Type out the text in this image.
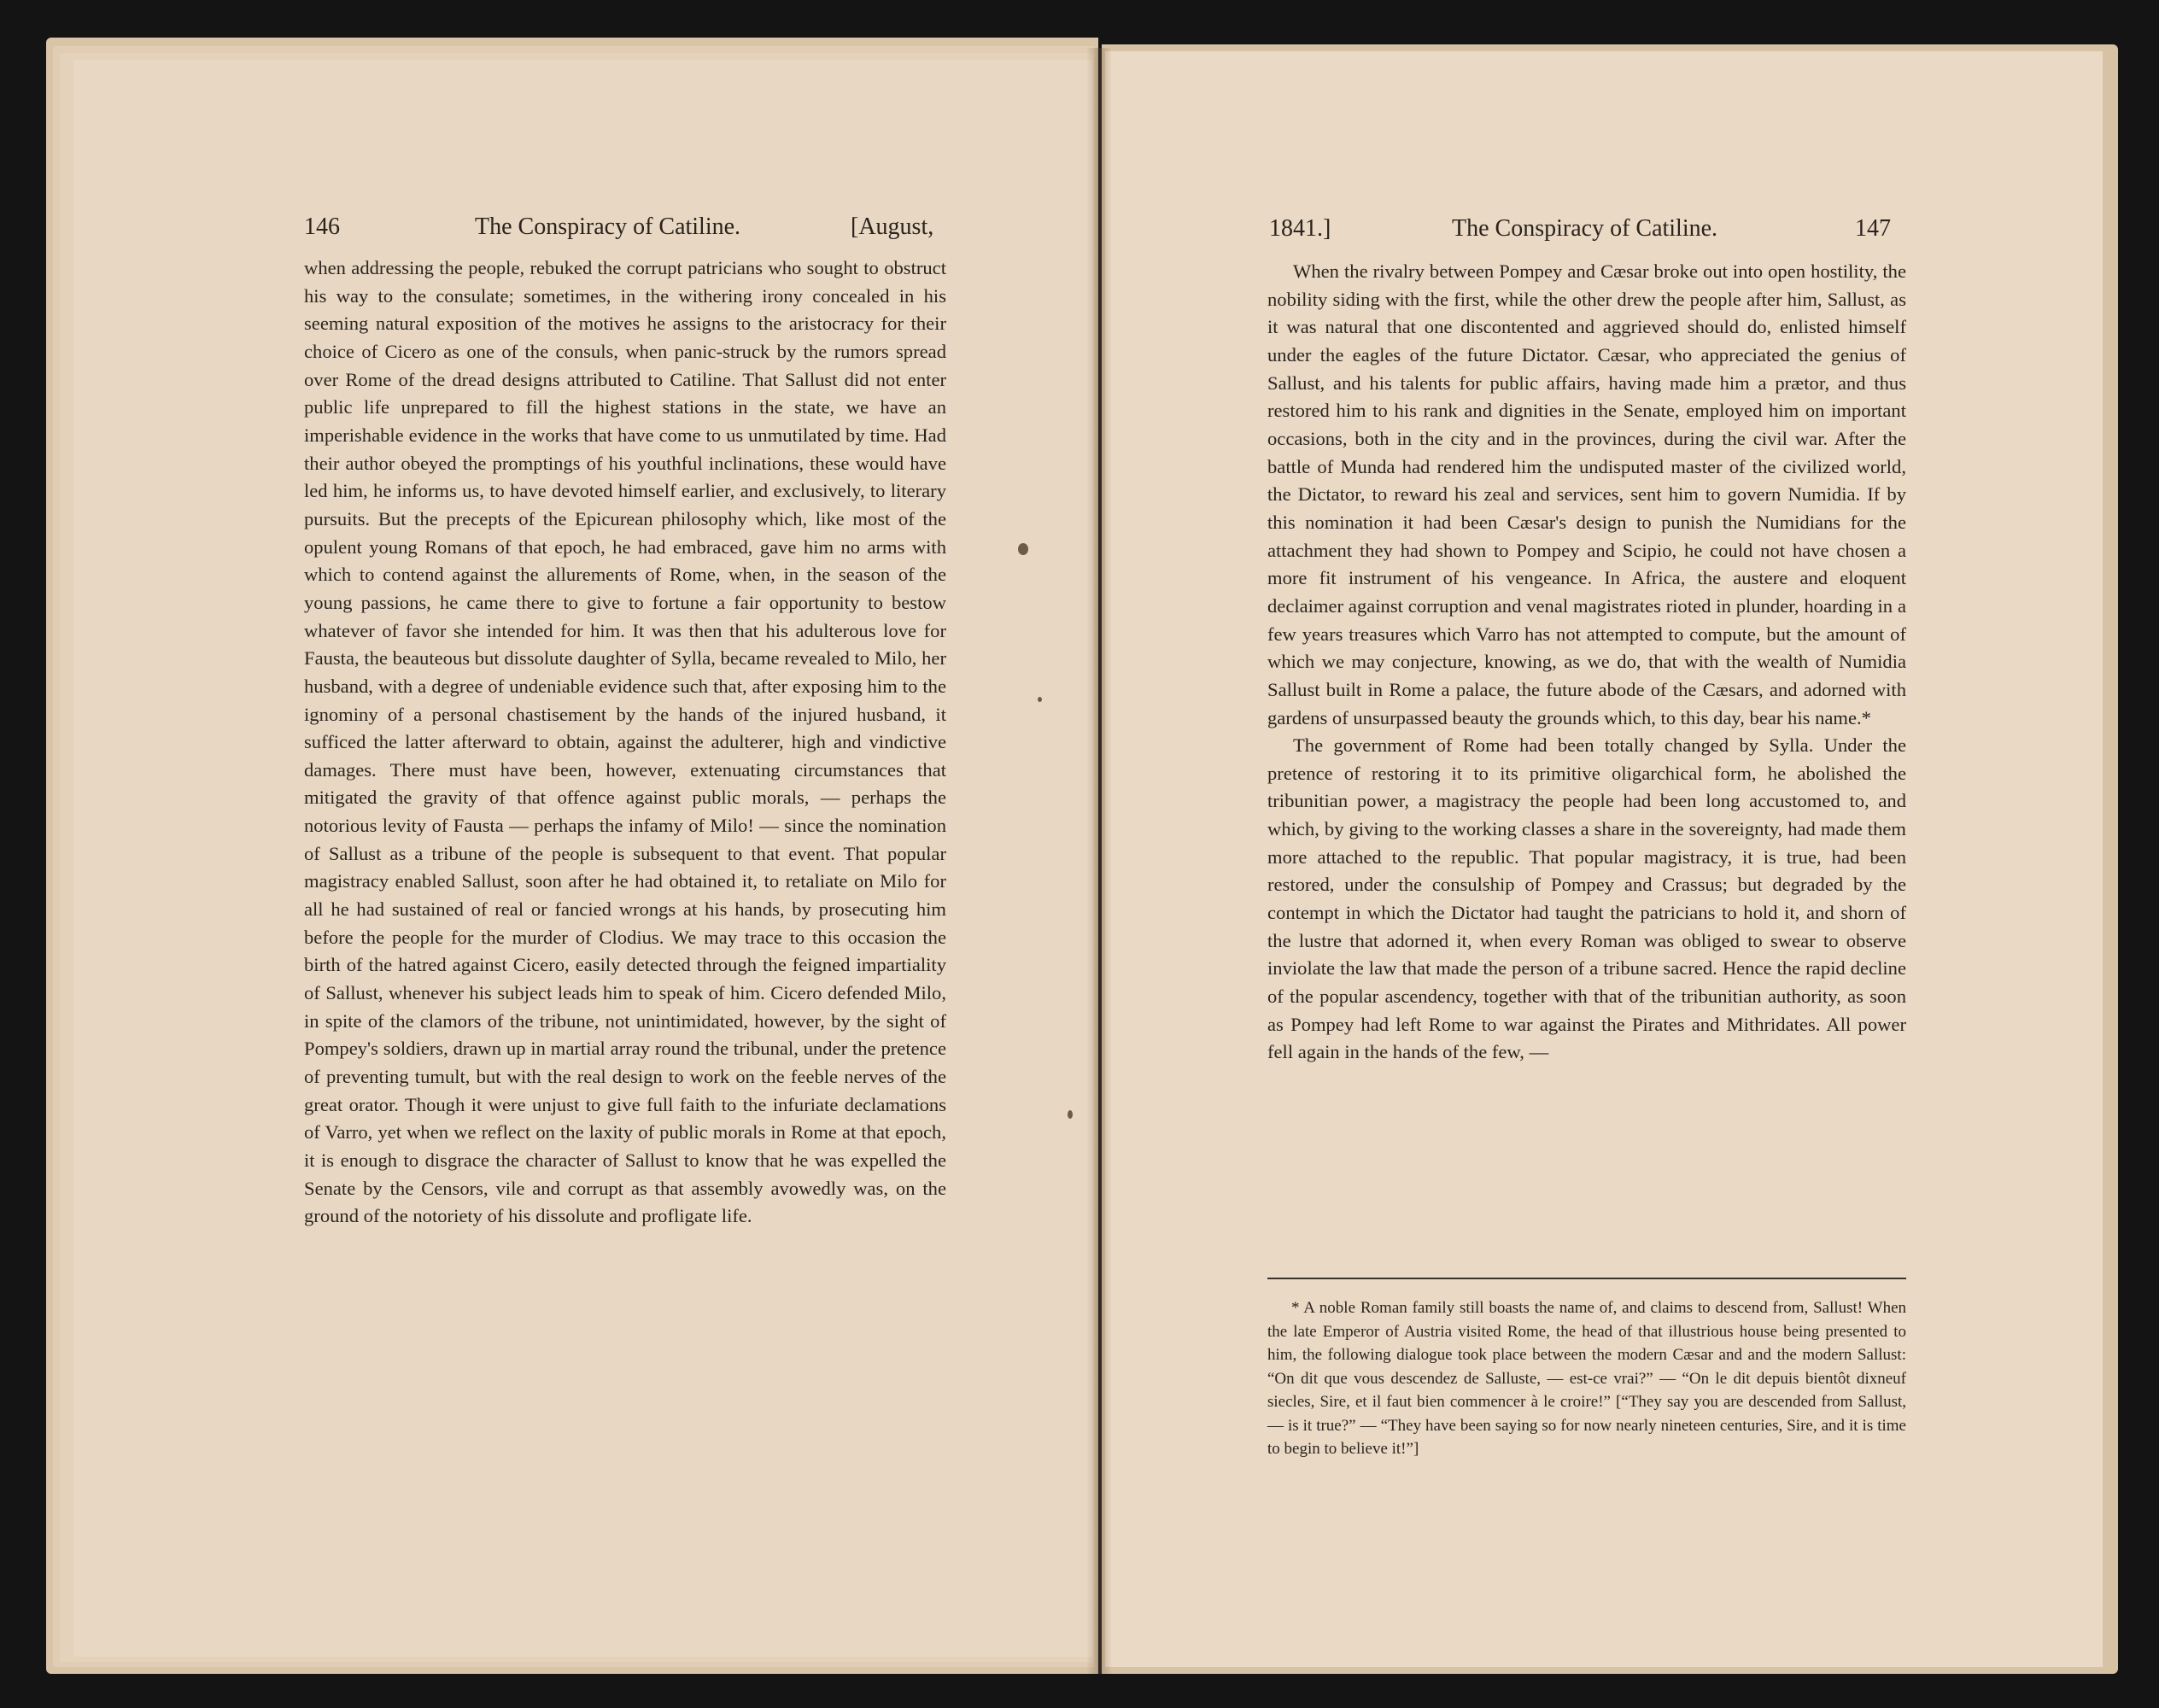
146	The Conspiracy of Catiline.	[August,

when addressing the people, rebuked the corrupt patricians who sought to obstruct his way to the consulate; sometimes, in the withering irony concealed in his seeming natural exposition of the motives he assigns to the aristocracy for their choice of Cicero as one of the consuls, when panic-struck by the rumors spread over Rome of the dread designs attributed to Catiline. That Sallust did not enter public life unprepared to fill the highest stations in the state, we have an imperishable evidence in the works that have come to us unmutilated by time. Had their author obeyed the promptings of his youthful inclinations, these would have led him, he informs us, to have devoted himself earlier, and exclusively, to literary pursuits. But the precepts of the Epicurean philosophy which, like most of the opulent young Romans of that epoch, he had embraced, gave him no arms with which to contend against the allurements of Rome, when, in the season of the young passions, he came there to give to fortune a fair opportunity to bestow whatever of favor she intended for him. It was then that his adulterous love for Fausta, the beauteous but dissolute daughter of Sylla, became revealed to Milo, her husband, with a degree of undeniable evidence such that, after exposing him to the ignominy of a personal chastisement by the hands of the injured husband, it sufficed the latter afterward to obtain, against the adulterer, high and vindictive damages. There must have been, however, extenuating circumstances that mitigated the gravity of that offence against public morals, — perhaps the notorious levity of Fausta — perhaps the infamy of Milo! — since the nomination of Sallust as a tribune of the people is subsequent to that event. That popular magistracy enabled Sallust, soon after he had obtained it, to retaliate on Milo for all he had sustained of real or fancied wrongs at his hands, by prosecuting him before the people for the murder of Clodius. We may trace to this occasion the birth of the hatred against Cicero, easily detected through the feigned impartiality of Sallust, whenever his subject leads him to speak of him. Cicero defended Milo, in spite of the clamors of the tribune, not unintimidated, however, by the sight of Pompey's soldiers, drawn up in martial array round the tribunal, under the pretence of preventing tumult, but with the real design to work on the feeble nerves of the great orator. Though it were unjust to give full faith to the infuriate declamations of Varro, yet when we reflect on the laxity of public morals in Rome at that epoch, it is enough to disgrace the character of Sallust to know that he was expelled the Senate by the Censors, vile and corrupt as that assembly avowedly was, on the ground of the notoriety of his dissolute and profligate life.

1841.]	The Conspiracy of Catiline.	147

When the rivalry between Pompey and Cæsar broke out into open hostility, the nobility siding with the first, while the other drew the people after him, Sallust, as it was natural that one discontented and aggrieved should do, enlisted himself under the eagles of the future Dictator. Cæsar, who appreciated the genius of Sallust, and his talents for public affairs, having made him a prætor, and thus restored him to his rank and dignities in the Senate, employed him on important occasions, both in the city and in the provinces, during the civil war. After the battle of Munda had rendered him the undisputed master of the civilized world, the Dictator, to reward his zeal and services, sent him to govern Numidia. If by this nomination it had been Cæsar's design to punish the Numidians for the attachment they had shown to Pompey and Scipio, he could not have chosen a more fit instrument of his vengeance. In Africa, the austere and eloquent declaimer against corruption and venal magistrates rioted in plunder, hoarding in a few years treasures which Varro has not attempted to compute, but the amount of which we may conjecture, knowing, as we do, that with the wealth of Numidia Sallust built in Rome a palace, the future abode of the Cæsars, and adorned with gardens of unsurpassed beauty the grounds which, to this day, bear his name.*

The government of Rome had been totally changed by Sylla. Under the pretence of restoring it to its primitive oligarchical form, he abolished the tribunitian power, a magistracy the people had been long accustomed to, and which, by giving to the working classes a share in the sovereignty, had made them more attached to the republic. That popular magistracy, it is true, had been restored, under the consulship of Pompey and Crassus; but degraded by the contempt in which the Dictator had taught the patricians to hold it, and shorn of the lustre that adorned it, when every Roman was obliged to swear to observe inviolate the law that made the person of a tribune sacred. Hence the rapid decline of the popular ascendency, together with that of the tribunitian authority, as soon as Pompey had left Rome to war against the Pirates and Mithridates. All power fell again in the hands of the few, —

* A noble Roman family still boasts the name of, and claims to descend from, Sallust! When the late Emperor of Austria visited Rome, the head of that illustrious house being presented to him, the following dialogue took place between the modern Cæsar and and the modern Sallust: “On dit que vous descendez de Salluste, — est-ce vrai?” — “On le dit depuis bientôt dixneuf siecles, Sire, et il faut bien commencer à le croire!” [“They say you are descended from Sallust, — is it true?” — “They have been saying so for now nearly nineteen centuries, Sire, and it is time to begin to believe it!”]
